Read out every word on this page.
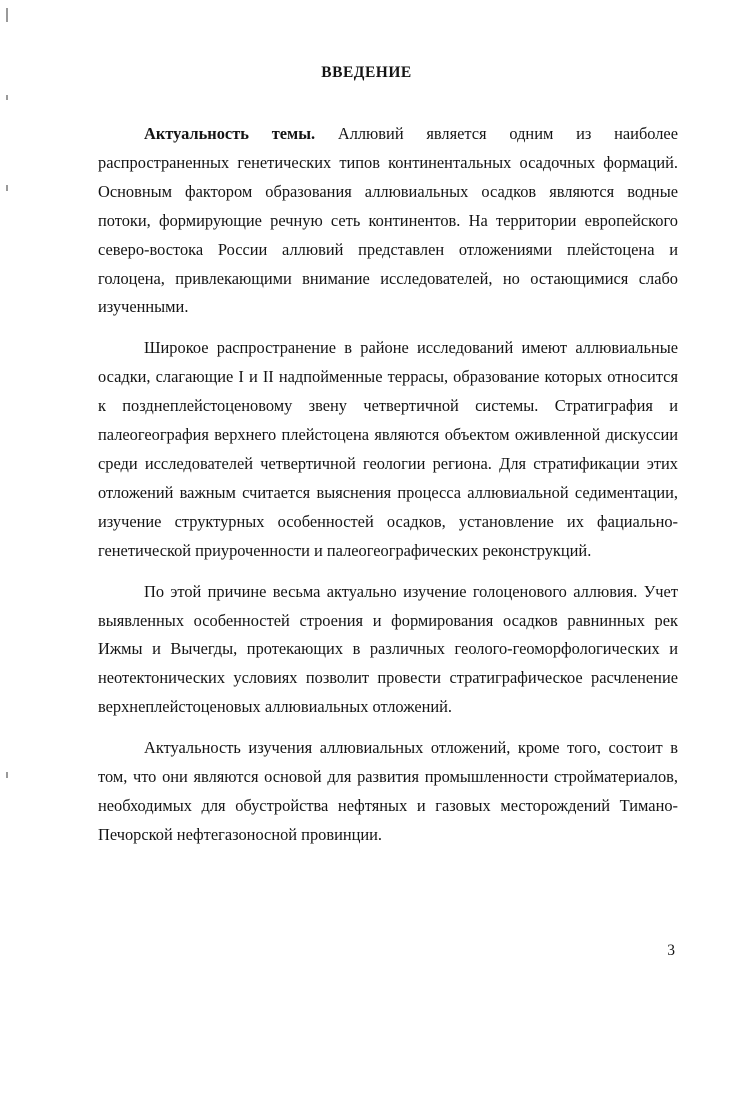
ВВЕДЕНИЕ

Актуальность темы. Аллювий является одним из наиболее распространенных генетических типов континентальных осадочных формаций. Основным фактором образования аллювиальных осадков являются водные потоки, формирующие речную сеть континентов. На территории европейского северо-востока России аллювий представлен отложениями плейстоцена и голоцена, привлекающими внимание исследователей, но остающимися слабо изученными.

Широкое распространение в районе исследований имеют аллювиальные осадки, слагающие I и II надпойменные террасы, образование которых относится к позднеплейстоценовому звену четвертичной системы. Стратиграфия и палеогеография верхнего плейстоцена являются объектом оживленной дискуссии среди исследователей четвертичной геологии региона. Для стратификации этих отложений важным считается выяснения процесса аллювиальной седиментации, изучение структурных особенностей осадков, установление их фациально-генетической приуроченности и палеогеографических реконструкций.

По этой причине весьма актуально изучение голоценового аллювия. Учет выявленных особенностей строения и формирования осадков равнинных рек Ижмы и Вычегды, протекающих в различных геолого-геоморфологических и неотектонических условиях позволит провести стратиграфическое расчленение верхнеплейстоценовых аллювиальных отложений.

Актуальность изучения аллювиальных отложений, кроме того, состоит в том, что они являются основой для развития промышленности стройматериалов, необходимых для обустройства нефтяных и газовых месторождений Тимано-Печорской нефтегазоносной провинции.

3
